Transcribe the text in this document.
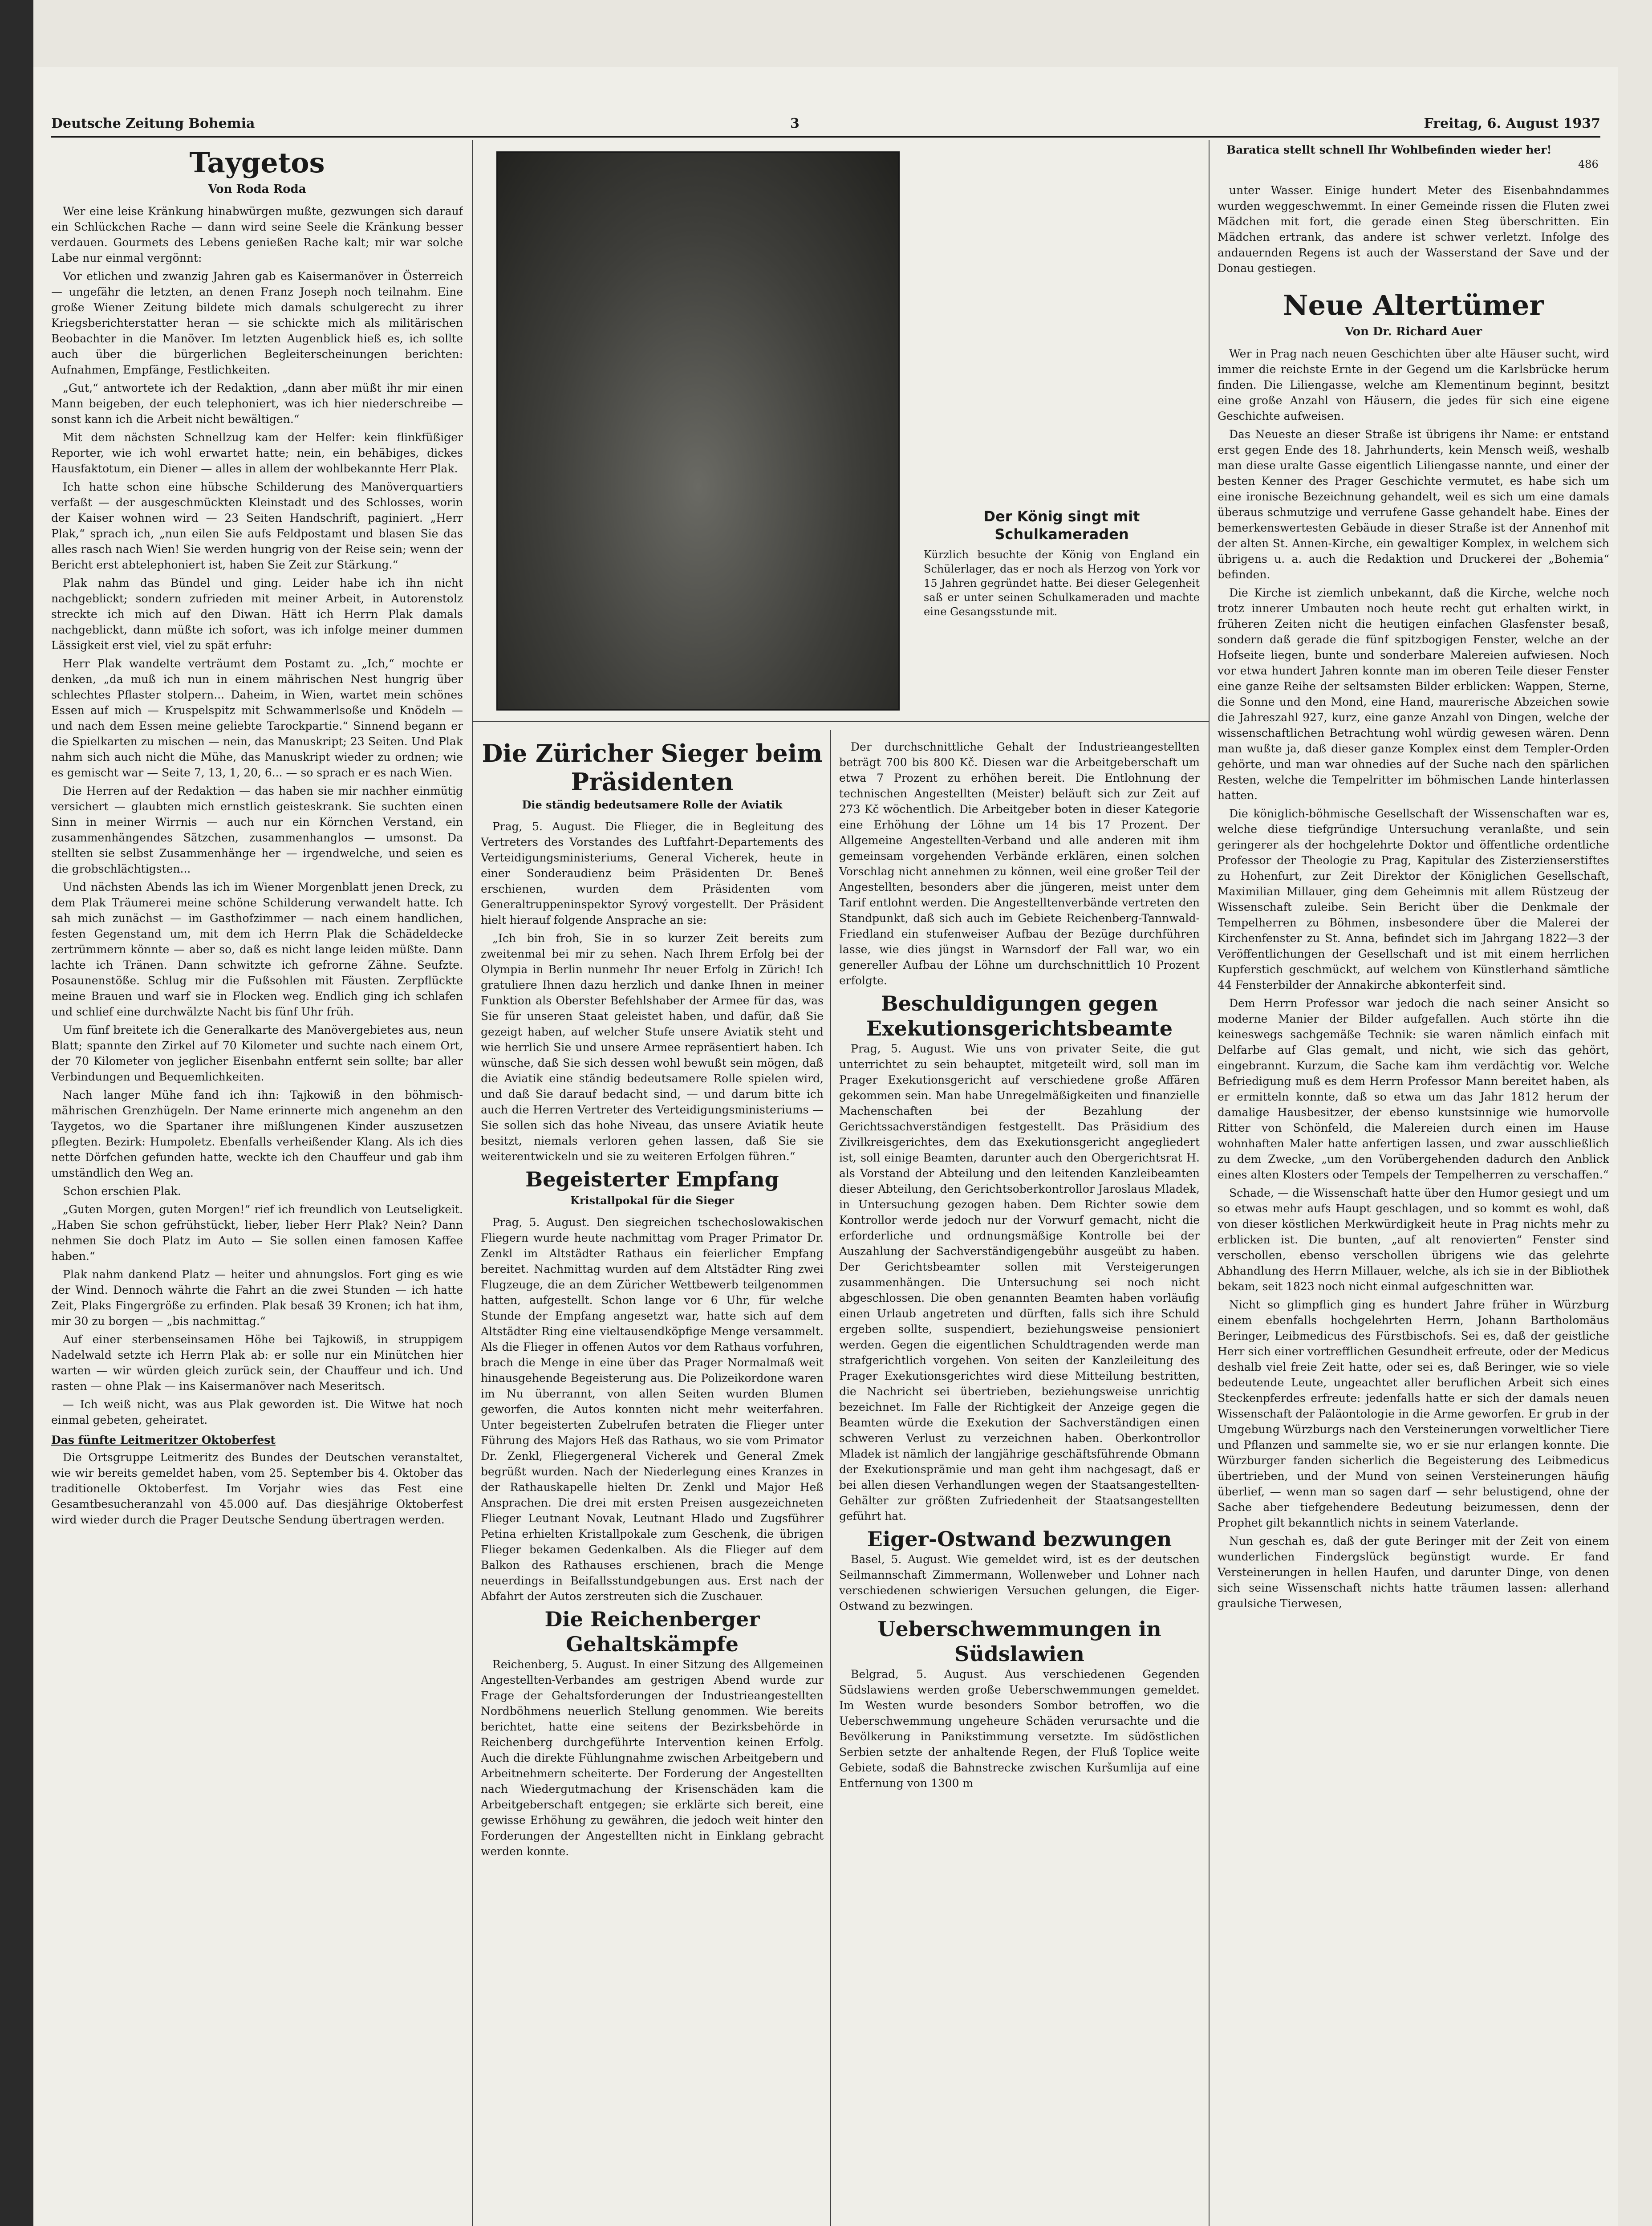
Deutsche Zeitung Bohemia	3	Freitag, 6. August 1937
Taygetos
Von Roda Roda

Wer eine leise Kränkung hinabwürgen mußte, gezwungen sich darauf ein Schlückchen Rache — dann wird seine Seele die Kränkung besser verdauen. Gourmets des Lebens genießen Rache kalt; mir war solche Labe nur einmal vergönnt:

Vor etlichen und zwanzig Jahren gab es Kaisermanöver in Österreich — ungefähr die letzten, an denen Franz Joseph noch teilnahm. Eine große Wiener Zeitung bildete mich damals schulgerecht zu ihrer Kriegsberichterstatter heran — sie schickte mich als militärischen Beobachter in die Manöver. Im letzten Augenblick hieß es, ich sollte auch über die bürgerlichen Begleiterscheinungen berichten: Aufnahmen, Empfänge, Festlichkeiten.

„Gut,“ antwortete ich der Redaktion, „dann aber müßt ihr mir einen Mann beigeben, der euch telephoniert, was ich hier niederschreibe — sonst kann ich die Arbeit nicht bewältigen.“

Mit dem nächsten Schnellzug kam der Helfer: kein flinkfüßiger Reporter, wie ich wohl erwartet hatte; nein, ein behäbiges, dickes Hausfaktotum, ein Diener — alles in allem der wohlbekannte Herr Plak.

Ich hatte schon eine hübsche Schilderung des Manöverquartiers verfaßt — der ausgeschmückten Kleinstadt und des Schlosses, worin der Kaiser wohnen wird — 23 Seiten Handschrift, paginiert. „Herr Plak,“ sprach ich, „nun eilen Sie aufs Feldpostamt und blasen Sie das alles rasch nach Wien! Sie werden hungrig von der Reise sein; wenn der Bericht erst abtelephoniert ist, haben Sie Zeit zur Stärkung.“

Plak nahm das Bündel und ging. Leider habe ich ihn nicht nachgeblickt; sondern zufrieden mit meiner Arbeit, in Autorenstolz streckte ich mich auf den Diwan. Hätt ich Herrn Plak damals nachgeblickt, dann müßte ich sofort, was ich infolge meiner dummen Lässigkeit erst viel, viel zu spät erfuhr:

Herr Plak wandelte verträumt dem Postamt zu. „Ich,“ mochte er denken, „da muß ich nun in einem mährischen Nest hungrig über schlechtes Pflaster stolpern... Daheim, in Wien, wartet mein schönes Essen auf mich — Kruspelspitz mit Schwammerlsoße und Knödeln — und nach dem Essen meine geliebte Tarockpartie.“ Sinnend begann er die Spielkarten zu mischen — nein, das Manuskript; 23 Seiten. Und Plak nahm sich auch nicht die Mühe, das Manuskript wieder zu ordnen; wie es gemischt war — Seite 7, 13, 1, 20, 6... — so sprach er es nach Wien.

Die Herren auf der Redaktion — das haben sie mir nachher einmütig versichert — glaubten mich ernstlich geisteskrank. Sie suchten einen Sinn in meiner Wirrnis — auch nur ein Körnchen Verstand, ein zusammenhängendes Sätzchen, zusammenhanglos — umsonst. Da stellten sie selbst Zusammenhänge her — irgendwelche, und seien es die grobschlächtigsten...

Und nächsten Abends las ich im Wiener Morgenblatt jenen Dreck, zu dem Plak Träumerei meine schöne Schilderung verwandelt hatte. Ich sah mich zunächst — im Gasthofzimmer — nach einem handlichen, festen Gegenstand um, mit dem ich Herrn Plak die Schädeldecke zertrümmern könnte — aber so, daß es nicht lange leiden müßte. Dann lachte ich Tränen. Dann schwitzte ich gefrorne Zähne. Seufzte. Posaunenstöße. Schlug mir die Fußsohlen mit Fäusten. Zerpflückte meine Brauen und warf sie in Flocken weg. Endlich ging ich schlafen und schlief eine durchwälzte Nacht bis fünf Uhr früh.

Um fünf breitete ich die Generalkarte des Manövergebietes aus, neun Blatt; spannte den Zirkel auf 70 Kilometer und suchte nach einem Ort, der 70 Kilometer von jeglicher Eisenbahn entfernt sein sollte; bar aller Verbindungen und Bequemlichkeiten.

Nach langer Mühe fand ich ihn: Tajkowiß in den böhmisch-mährischen Grenzhügeln. Der Name erinnerte mich angenehm an den Taygetos, wo die Spartaner ihre mißlungenen Kinder auszusetzen pflegten. Bezirk: Humpoletz. Ebenfalls verheißender Klang. Als ich dies nette Dörfchen gefunden hatte, weckte ich den Chauffeur und gab ihm umständlich den Weg an.

Schon erschien Plak.

„Guten Morgen, guten Morgen!“ rief ich freundlich von Leutseligkeit. „Haben Sie schon gefrühstückt, lieber, lieber Herr Plak? Nein? Dann nehmen Sie doch Platz im Auto — Sie sollen einen famosen Kaffee haben.“

Plak nahm dankend Platz — heiter und ahnungslos. Fort ging es wie der Wind. Dennoch währte die Fahrt an die zwei Stunden — ich hatte Zeit, Plaks Fingergröße zu erfinden. Plak besaß 39 Kronen; ich hat ihm, mir 30 zu borgen — „bis nachmittag.“

Auf einer sterbenseinsamen Höhe bei Tajkowiß, in struppigem Nadelwald setzte ich Herrn Plak ab: er solle nur ein Minütchen hier warten — wir würden gleich zurück sein, der Chauffeur und ich. Und rasten — ohne Plak — ins Kaisermanöver nach Meseritsch.

— Ich weiß nicht, was aus Plak geworden ist. Die Witwe hat noch einmal gebeten, geheiratet.

Das fünfte Leitmeritzer Oktoberfest

Die Ortsgruppe Leitmeritz des Bundes der Deutschen veranstaltet, wie wir bereits gemeldet haben, vom 25. September bis 4. Oktober das traditionelle Oktoberfest. Im Vorjahr wies das Fest eine Gesamtbesucheranzahl von 45.000 auf. Das diesjährige Oktoberfest wird wieder durch die Prager Deutsche Sendung übertragen werden.

Der König singt mit Schulkameraden
Kürzlich besuchte der König von England ein Schülerlager, das er noch als Herzog von York vor 15 Jahren gegründet hatte. Bei dieser Gelegenheit saß er unter seinen Schulkameraden und machte eine Gesangsstunde mit.
Baratica stellt schnell Ihr Wohlbefinden wieder her!
486
Die Züricher Sieger beim Präsidenten
Die ständig bedeutsamere Rolle der Aviatik

Prag, 5. August. Die Flieger, die in Begleitung des Vertreters des Vorstandes des Luftfahrt-Departements des Verteidigungsministeriums, General Vicherek, heute in einer Sonderaudienz beim Präsidenten Dr. Beneš erschienen, wurden dem Präsidenten vom Generaltruppeninspektor Syrový vorgestellt. Der Präsident hielt hierauf folgende Ansprache an sie:

„Ich bin froh, Sie in so kurzer Zeit bereits zum zweitenmal bei mir zu sehen. Nach Ihrem Erfolg bei der Olympia in Berlin nunmehr Ihr neuer Erfolg in Zürich! Ich gratuliere Ihnen dazu herzlich und danke Ihnen in meiner Funktion als Oberster Befehlshaber der Armee für das, was Sie für unseren Staat geleistet haben, und dafür, daß Sie gezeigt haben, auf welcher Stufe unsere Aviatik steht und wie herrlich Sie und unsere Armee repräsentiert haben. Ich wünsche, daß Sie sich dessen wohl bewußt sein mögen, daß die Aviatik eine ständig bedeutsamere Rolle spielen wird, und daß Sie darauf bedacht sind, — und darum bitte ich auch die Herren Vertreter des Verteidigungsministeriums — Sie sollen sich das hohe Niveau, das unsere Aviatik heute besitzt, niemals verloren gehen lassen, daß Sie sie weiterentwickeln und sie zu weiteren Erfolgen führen.“

Begeisterter Empfang
Kristallpokal für die Sieger

Prag, 5. August. Den siegreichen tschechoslowakischen Fliegern wurde heute nachmittag vom Prager Primator Dr. Zenkl im Altstädter Rathaus ein feierlicher Empfang bereitet. Nachmittag wurden auf dem Altstädter Ring zwei Flugzeuge, die an dem Züricher Wettbewerb teilgenommen hatten, aufgestellt. Schon lange vor 6 Uhr, für welche Stunde der Empfang angesetzt war, hatte sich auf dem Altstädter Ring eine vieltausendköpfige Menge versammelt. Als die Flieger in offenen Autos vor dem Rathaus vorfuhren, brach die Menge in eine über das Prager Normalmaß weit hinausgehende Begeisterung aus. Die Polizeikordone waren im Nu überrannt, von allen Seiten wurden Blumen geworfen, die Autos konnten nicht mehr weiterfahren. Unter begeisterten Zubelrufen betraten die Flieger unter Führung des Majors Heß das Rathaus, wo sie vom Primator Dr. Zenkl, Fliegergeneral Vicherek und General Zmek begrüßt wurden. Nach der Niederlegung eines Kranzes in der Rathauskapelle hielten Dr. Zenkl und Major Heß Ansprachen. Die drei mit ersten Preisen ausgezeichneten Flieger Leutnant Novak, Leutnant Hlado und Zugsführer Petina erhielten Kristallpokale zum Geschenk, die übrigen Flieger bekamen Gedenkalben. Als die Flieger auf dem Balkon des Rathauses erschienen, brach die Menge neuerdings in Beifallsstundgebungen aus. Erst nach der Abfahrt der Autos zerstreuten sich die Zuschauer.

Die Reichenberger Gehaltskämpfe

Reichenberg, 5. August. In einer Sitzung des Allgemeinen Angestellten-Verbandes am gestrigen Abend wurde zur Frage der Gehaltsforderungen der Industrieangestellten Nordböhmens neuerlich Stellung genommen. Wie bereits berichtet, hatte eine seitens der Bezirksbehörde in Reichenberg durchgeführte Intervention keinen Erfolg. Auch die direkte Fühlungnahme zwischen Arbeitgebern und Arbeitnehmern scheiterte. Der Forderung der Angestellten nach Wiedergutmachung der Krisenschäden kam die Arbeitgeberschaft entgegen; sie erklärte sich bereit, eine gewisse Erhöhung zu gewähren, die jedoch weit hinter den Forderungen der Angestellten nicht in Einklang gebracht werden konnte.

Der durchschnittliche Gehalt der Industrieangestellten beträgt 700 bis 800 Kč. Diesen war die Arbeitgeberschaft um etwa 7 Prozent zu erhöhen bereit. Die Entlohnung der technischen Angestellten (Meister) beläuft sich zur Zeit auf 273 Kč wöchentlich. Die Arbeitgeber boten in dieser Kategorie eine Erhöhung der Löhne um 14 bis 17 Prozent. Der Allgemeine Angestellten-Verband und alle anderen mit ihm gemeinsam vorgehenden Verbände erklären, einen solchen Vorschlag nicht annehmen zu können, weil eine großer Teil der Angestellten, besonders aber die jüngeren, meist unter dem Tarif entlohnt werden. Die Angestelltenverbände vertreten den Standpunkt, daß sich auch im Gebiete Reichenberg-Tannwald-Friedland ein stufenweiser Aufbau der Bezüge durchführen lasse, wie dies jüngst in Warnsdorf der Fall war, wo ein genereller Aufbau der Löhne um durchschnittlich 10 Prozent erfolgte.

Beschuldigungen gegen Exekutionsgerichtsbeamte

Prag, 5. August. Wie uns von privater Seite, die gut unterrichtet zu sein behauptet, mitgeteilt wird, soll man im Prager Exekutionsgericht auf verschiedene große Affären gekommen sein. Man habe Unregelmäßigkeiten und finanzielle Machenschaften bei der Bezahlung der Gerichtssachverständigen festgestellt. Das Präsidium des Zivilkreisgerichtes, dem das Exekutionsgericht angegliedert ist, soll einige Beamten, darunter auch den Obergerichtsrat H. als Vorstand der Abteilung und den leitenden Kanzleibeamten dieser Abteilung, den Gerichtsoberkontrollor Jaroslaus Mladek, in Untersuchung gezogen haben. Dem Richter sowie dem Kontrollor werde jedoch nur der Vorwurf gemacht, nicht die erforderliche und ordnungsmäßige Kontrolle bei der Auszahlung der Sachverständigengebühr ausgeübt zu haben. Der Gerichtsbeamter sollen mit Versteigerungen zusammenhängen. Die Untersuchung sei noch nicht abgeschlossen. Die oben genannten Beamten haben vorläufig einen Urlaub angetreten und dürften, falls sich ihre Schuld ergeben sollte, suspendiert, beziehungsweise pensioniert werden. Gegen die eigentlichen Schuldtragenden werde man strafgerichtlich vorgehen. Von seiten der Kanzleileitung des Prager Exekutionsgerichtes wird diese Mitteilung bestritten, die Nachricht sei übertrieben, beziehungsweise unrichtig bezeichnet. Im Falle der Richtigkeit der Anzeige gegen die Beamten würde die Exekution der Sachverständigen einen schweren Verlust zu verzeichnen haben. Oberkontrollor Mladek ist nämlich der langjährige geschäftsführende Obmann der Exekutionsprämie und man geht ihm nachgesagt, daß er bei allen diesen Verhandlungen wegen der Staatsangestellten-Gehälter zur größten Zufriedenheit der Staatsangestellten geführt hat.

Eiger-Ostwand bezwungen

Basel, 5. August. Wie gemeldet wird, ist es der deutschen Seilmannschaft Zimmermann, Wollenweber und Lohner nach verschiedenen schwierigen Versuchen gelungen, die Eiger-Ostwand zu bezwingen.

Ueberschwemmungen in Südslawien

Belgrad, 5. August. Aus verschiedenen Gegenden Südslawiens werden große Ueberschwemmungen gemeldet. Im Westen wurde besonders Sombor betroffen, wo die Ueberschwemmung ungeheure Schäden verursachte und die Bevölkerung in Panikstimmung versetzte. Im südöstlichen Serbien setzte der anhaltende Regen, der Fluß Toplice weite Gebiete, sodaß die Bahnstrecke zwischen Kuršumlija auf eine Entfernung von 1300 m

unter Wasser. Einige hundert Meter des Eisenbahndammes wurden weggeschwemmt. In einer Gemeinde rissen die Fluten zwei Mädchen mit fort, die gerade einen Steg überschritten. Ein Mädchen ertrank, das andere ist schwer verletzt. Infolge des andauernden Regens ist auch der Wasserstand der Save und der Donau gestiegen.

Neue Altertümer
Von Dr. Richard Auer

Wer in Prag nach neuen Geschichten über alte Häuser sucht, wird immer die reichste Ernte in der Gegend um die Karlsbrücke herum finden. Die Liliengasse, welche am Klementinum beginnt, besitzt eine große Anzahl von Häusern, die jedes für sich eine eigene Geschichte aufweisen.

Das Neueste an dieser Straße ist übrigens ihr Name: er entstand erst gegen Ende des 18. Jahrhunderts, kein Mensch weiß, weshalb man diese uralte Gasse eigentlich Liliengasse nannte, und einer der besten Kenner des Prager Geschichte vermutet, es habe sich um eine ironische Bezeichnung gehandelt, weil es sich um eine damals überaus schmutzige und verrufene Gasse gehandelt habe. Eines der bemerkenswertesten Gebäude in dieser Straße ist der Annenhof mit der alten St. Annen-Kirche, ein gewaltiger Komplex, in welchem sich übrigens u. a. auch die Redaktion und Druckerei der „Bohemia“ befinden.

Die Kirche ist ziemlich unbekannt, daß die Kirche, welche noch trotz innerer Umbauten noch heute recht gut erhalten wirkt, in früheren Zeiten nicht die heutigen einfachen Glasfenster besaß, sondern daß gerade die fünf spitzbogigen Fenster, welche an der Hofseite liegen, bunte und sonderbare Malereien aufwiesen. Noch vor etwa hundert Jahren konnte man im oberen Teile dieser Fenster eine ganze Reihe der seltsamsten Bilder erblicken: Wappen, Sterne, die Sonne und den Mond, eine Hand, maurerische Abzeichen sowie die Jahreszahl 927, kurz, eine ganze Anzahl von Dingen, welche der wissenschaftlichen Betrachtung wohl würdig gewesen wären. Denn man wußte ja, daß dieser ganze Komplex einst dem Templer-Orden gehörte, und man war ohnedies auf der Suche nach den spärlichen Resten, welche die Tempelritter im böhmischen Lande hinterlassen hatten.

Die königlich-böhmische Gesellschaft der Wissenschaften war es, welche diese tiefgründige Untersuchung veranlaßte, und sein geringerer als der hochgelehrte Doktor und öffentliche ordentliche Professor der Theologie zu Prag, Kapitular des Zisterzienserstiftes zu Hohenfurt, zur Zeit Direktor der Königlichen Gesellschaft, Maximilian Millauer, ging dem Geheimnis mit allem Rüstzeug der Wissenschaft zuleibe. Sein Bericht über die Denkmale der Tempelherren zu Böhmen, insbesondere über die Malerei der Kirchenfenster zu St. Anna, befindet sich im Jahrgang 1822—3 der Veröffentlichungen der Gesellschaft und ist mit einem herrlichen Kupferstich geschmückt, auf welchem von Künstlerhand sämtliche 44 Fensterbilder der Annakirche abkonterfeit sind.

Dem Herrn Professor war jedoch die nach seiner Ansicht so moderne Manier der Bilder aufgefallen. Auch störte ihn die keineswegs sachgemäße Technik: sie waren nämlich einfach mit Delfarbe auf Glas gemalt, und nicht, wie sich das gehört, eingebrannt. Kurzum, die Sache kam ihm verdächtig vor. Welche Befriedigung muß es dem Herrn Professor Mann bereitet haben, als er ermitteln konnte, daß so etwa um das Jahr 1812 herum der damalige Hausbesitzer, der ebenso kunstsinnige wie humorvolle Ritter von Schönfeld, die Malereien durch einen im Hause wohnhaften Maler hatte anfertigen lassen, und zwar ausschließlich zu dem Zwecke, „um den Vorübergehenden dadurch den Anblick eines alten Klosters oder Tempels der Tempelherren zu verschaffen.“

Schade, — die Wissenschaft hatte über den Humor gesiegt und um so etwas mehr aufs Haupt geschlagen, und so kommt es wohl, daß von dieser köstlichen Merkwürdigkeit heute in Prag nichts mehr zu erblicken ist. Die bunten, „auf alt renovierten“ Fenster sind verschollen, ebenso verschollen übrigens wie das gelehrte Abhandlung des Herrn Millauer, welche, als ich sie in der Bibliothek bekam, seit 1823 noch nicht einmal aufgeschnitten war.

Nicht so glimpflich ging es hundert Jahre früher in Würzburg einem ebenfalls hochgelehrten Herrn, Johann Bartholomäus Beringer, Leibmedicus des Fürstbischofs. Sei es, daß der geistliche Herr sich einer vortrefflichen Gesundheit erfreute, oder der Medicus deshalb viel freie Zeit hatte, oder sei es, daß Beringer, wie so viele bedeutende Leute, ungeachtet aller beruflichen Arbeit sich eines Steckenpferdes erfreute: jedenfalls hatte er sich der damals neuen Wissenschaft der Paläontologie in die Arme geworfen. Er grub in der Umgebung Würzburgs nach den Versteinerungen vorweltlicher Tiere und Pflanzen und sammelte sie, wo er sie nur erlangen konnte. Die Würzburger fanden sicherlich die Begeisterung des Leibmedicus übertrieben, und der Mund von seinen Versteinerungen häufig überlief, — wenn man so sagen darf — sehr belustigend, ohne der Sache aber tiefgehendere Bedeutung beizumessen, denn der Prophet gilt bekanntlich nichts in seinem Vaterlande.

Nun geschah es, daß der gute Beringer mit der Zeit von einem wunderlichen Findergslück begünstigt wurde. Er fand Versteinerungen in hellen Haufen, und darunter Dinge, von denen sich seine Wissenschaft nichts hatte träumen lassen: allerhand graulsiche Tierwesen,
